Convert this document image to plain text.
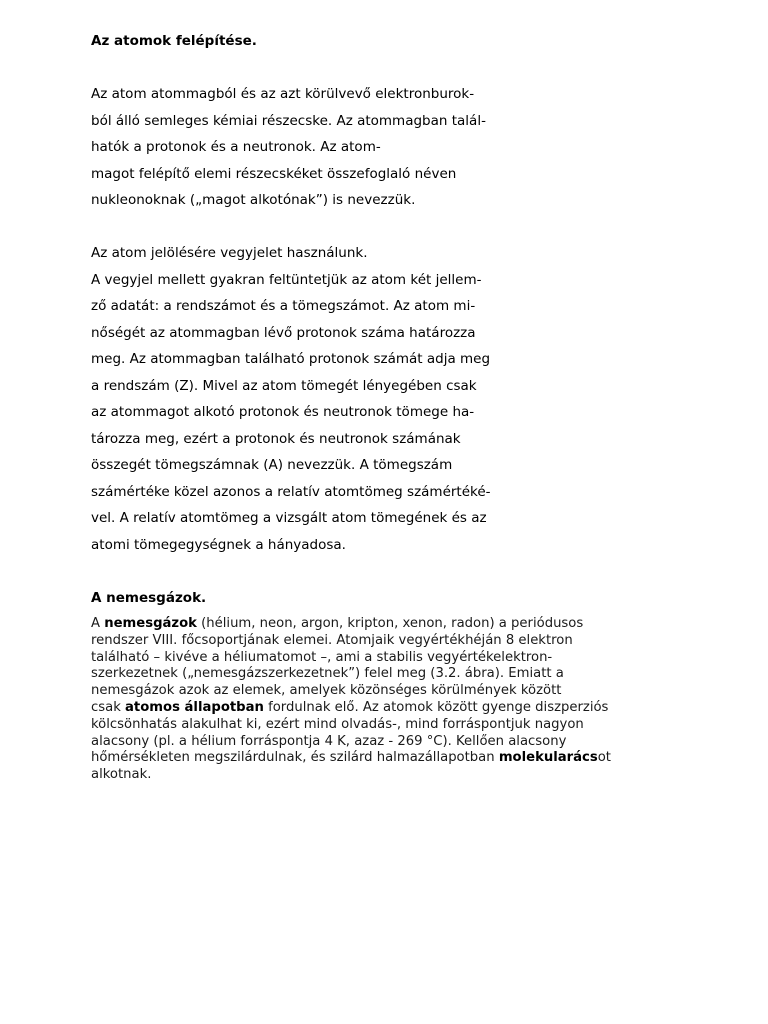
Az atomok felépítése.
Az atom atommagból és az azt körülvevő elektronburok-
ból álló semleges kémiai részecske. Az atommagban talál-
hatók a protonok és a neutronok. Az atom-
magot felépítő elemi részecskéket összefoglaló néven
nukleonoknak („magot alkotónak”) is nevezzük.
Az atom jelölésére vegyjelet használunk.
A vegyjel mellett gyakran feltüntetjük az atom két jellem-
ző adatát: a rendszámot és a tömegszámot. Az atom mi-
nőségét az atommagban lévő protonok száma határozza
meg. Az atommagban található protonok számát adja meg
a rendszám (Z). Mivel az atom tömegét lényegében csak
az atommagot alkotó protonok és neutronok tömege ha-
tározza meg, ezért a protonok és neutronok számának
összegét tömegszámnak (A) nevezzük. A tömegszám
számértéke közel azonos a relatív atomtömeg számértéké-
vel. A relatív atomtömeg a vizsgált atom tömegének és az
atomi tömegegységnek a hányadosa.
A nemesgázok.
A nemesgázok (hélium, neon, argon, kripton, xenon, radon) a periódusos
rendszer VIII. főcsoportjának elemei. Atomjaik vegyértékhéján 8 elektron
található – kivéve a héliumatomot –, ami a stabilis vegyértékelektron-
szerkezetnek („nemesgázszerkezetnek”) felel meg (3.2. ábra). Emiatt a
nemesgázok azok az elemek, amelyek közönséges körülmények között
csak atomos állapotban fordulnak elő. Az atomok között gyenge diszperziós
kölcsönhatás alakulhat ki, ezért mind olvadás-, mind forráspontjuk nagyon
alacsony (pl. a hélium forráspontja 4 K, azaz - 269 °C). Kellően alacsony
hőmérsékleten megszilárdulnak, és szilárd halmazállapotban molekularácsot
alkotnak.
